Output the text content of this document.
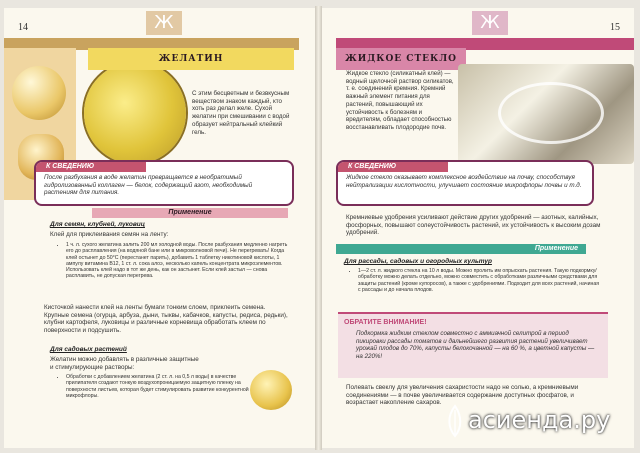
14	Ж
ЖЕЛАТИН
С этим бесцветным и безвкусным веществом знаком каждый, кто хоть раз делал желе. Сухой желатин при смешивании с водой образует нейтральный клейкий гель.
К СВЕДЕНИЮ
После разбухания в воде желатин превращается в необратимый гидролизованный коллаген — белок, содержащий азот, необходимый растениям для питания.
Применение
Для семян, клубней, луковиц
Клей для приклеивания семян на ленту:
• 1 ч. л. сухого желатина залить 200 мл холодной воды. После разбухания медленно нагреть его до расплавления (на водяной бане или в микроволновой печи). Не перегревать! Когда клей остынет до 50°С (перестанет парить), добавить 1 таблетку никотиновой кислоты, 1 ампулу витамина В12, 1 ст. л. сока алоэ, несколько капель концентрата микроэлементов. Использовать клей надо в тот же день, как он застынет. Если клей застыл — снова расплавить, не допуская перегрева.
Кисточкой нанести клей на ленты бумаги тонким слоем, приклеить семена. Крупные семена (огурца, арбуза, дыни, тыквы, кабачков, капусты, редиса, редьки), клубни картофеля, луковицы и различные корневища обработать клеем по поверхности и подсушить.
Для садовых растений
Желатин можно добавлять в различные защитные и стимулирующие растворы:
• Обработки с добавлением желатина (2 ст. л. на 0,5 л воды) в качестве прилипателя создают тонкую воздухопроницаемую защитную пленку на поверхности листьев, которая будет стимулировать развитие конкурентной микрофлоры.
15
Ж
ЖИДКОЕ СТЕКЛО
Жидкое стекло (силикатный клей) — водный щелочной раствор силикатов, т. е. соединений кремния. Кремний важный элемент питания для растений, повышающий их устойчивость к болезням и вредителям, обладает способностью восстанавливать плодородие почв.
К СВЕДЕНИЮ
Жидкое стекло оказывает комплексное воздействие на почву, способствуя нейтрализации кислотности, улучшает состояние микрофлоры почвы и т.д.
Кремниевые удобрения усиливают действие других удобрений — азотных, калийных, фосфорных, повышают солеустойчивость растений, их устойчивость к высоким дозам удобрений.
Применение
Для рассады, садовых и огородных культур
• 1—2 ст. л. жидкого стекла на 10 л воды. Можно пролить им опрыскать растения. Такую подкормку/обработку можно делать отдельно, можно совместить с обработками различными средствами для защиты растений (кроме купоросов), а также с удобрениями. Подходит для всех растений, начиная с рассады и до начала плодов.
ОБРАТИТЕ ВНИМАНИЕ!
Подкормка жидким стеклом совместно с аммиачной селитрой в период пикировки рассады томатов и дальнейшего развития растений увеличивает урожай плодов до 70%, капусты белокочанной — на 60 %, а цветной капусты — на 220%!
Полевать свеклу для увеличения сахаристости надо не солью, а кремниевыми соединениями — в почве увеличивается содержание доступных фосфатов, и возрастает накопление сахаров.
асиенда.ру
